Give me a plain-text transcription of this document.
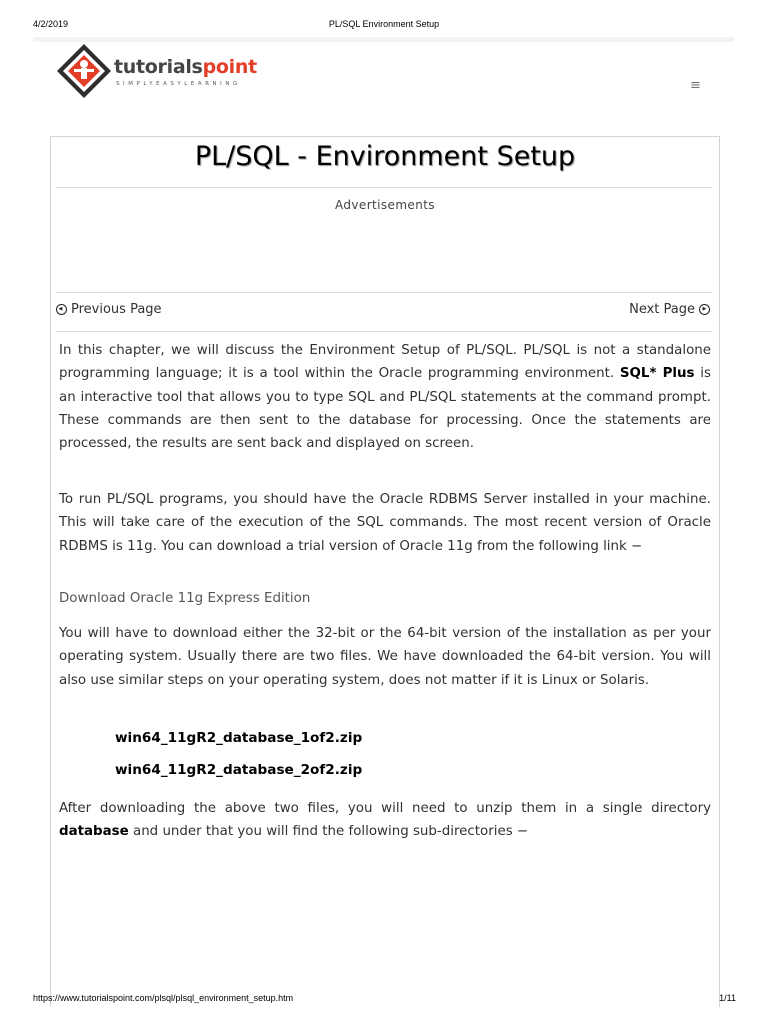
4/2/2019	PL/SQL Environment Setup
tutorialspoint
SIMPLYEASYLEARNING	≡
PL/SQL - Environment Setup
Advertisements
◀ Previous Page	Next Page ▶

In this chapter, we will discuss the Environment Setup of PL/SQL. PL/SQL is not a standalone programming language; it is a tool within the Oracle programming environment. SQL* Plus is an interactive tool that allows you to type SQL and PL/SQL statements at the command prompt. These commands are then sent to the database for processing. Once the statements are processed, the results are sent back and displayed on screen.

To run PL/SQL programs, you should have the Oracle RDBMS Server installed in your machine. This will take care of the execution of the SQL commands. The most recent version of Oracle RDBMS is 11g. You can download a trial version of Oracle 11g from the following link −

Download Oracle 11g Express Edition

You will have to download either the 32-bit or the 64-bit version of the installation as per your operating system. Usually there are two files. We have downloaded the 64-bit version. You will also use similar steps on your operating system, does not matter if it is Linux or Solaris.

win64_11gR2_database_1of2.zip
win64_11gR2_database_2of2.zip

After downloading the above two files, you will need to unzip them in a single directory database and under that you will find the following sub-directories −

https://www.tutorialspoint.com/plsql/plsql_environment_setup.htm	1/11
